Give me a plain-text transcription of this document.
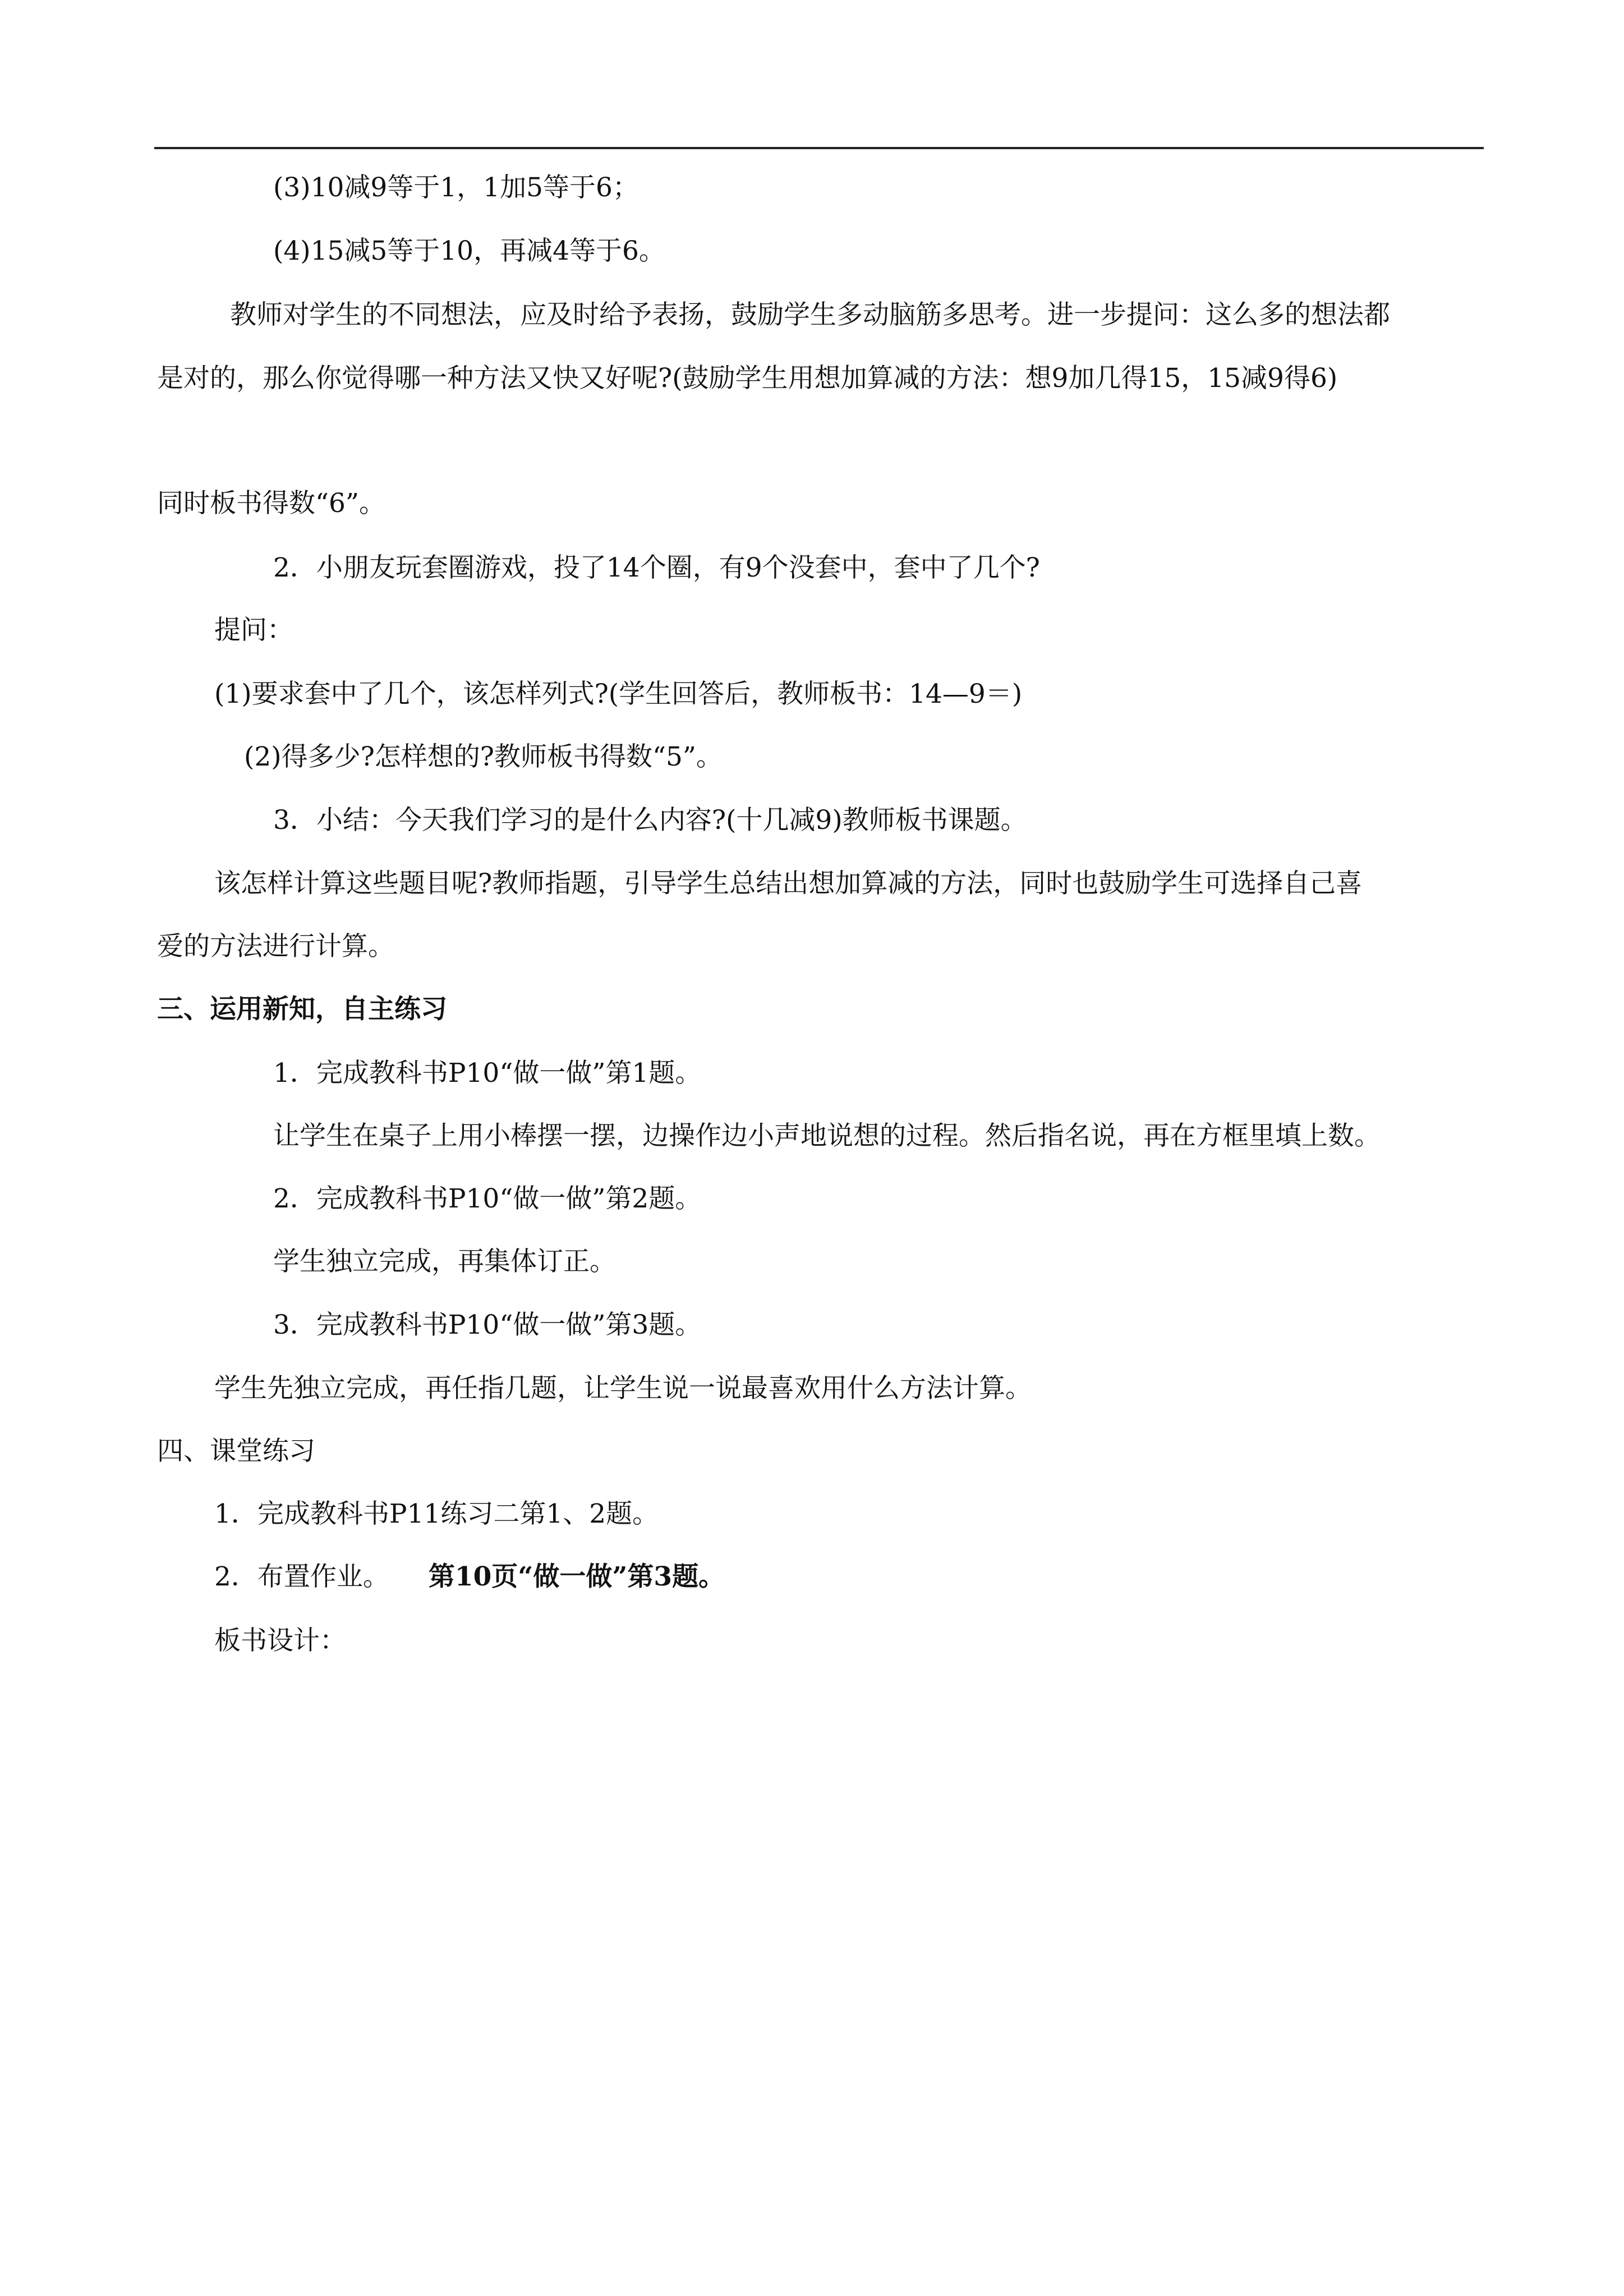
(3)10减9等于1，1加5等于6；
(4)15减5等于10，再减4等于6。
教师对学生的不同想法，应及时给予表扬，鼓励学生多动脑筋多思考。进一步提问：这么多的想法都
是对的，那么你觉得哪一种方法又快又好呢?(鼓励学生用想加算减的方法：想9加几得15，15减9得6)
同时板书得数“6”。
2．小朋友玩套圈游戏，投了14个圈，有9个没套中，套中了几个?
提问：
(1)要求套中了几个，该怎样列式?(学生回答后，教师板书：14—9＝)
(2)得多少?怎样想的?教师板书得数“5”。
3．小结：今天我们学习的是什么内容?(十几减9)教师板书课题。
该怎样计算这些题目呢?教师指题，引导学生总结出想加算减的方法，同时也鼓励学生可选择自己喜
爱的方法进行计算。
三、运用新知，自主练习
1．完成教科书P10“做一做”第1题。
让学生在桌子上用小棒摆一摆，边操作边小声地说想的过程。然后指名说，再在方框里填上数。
2．完成教科书P10“做一做”第2题。
学生独立完成，再集体订正。
3．完成教科书P10“做一做”第3题。
学生先独立完成，再任指几题，让学生说一说最喜欢用什么方法计算。
四、课堂练习
1．完成教科书P11练习二第1、2题。
2．布置作业。 第10页“做一做”第3题。
板书设计：
